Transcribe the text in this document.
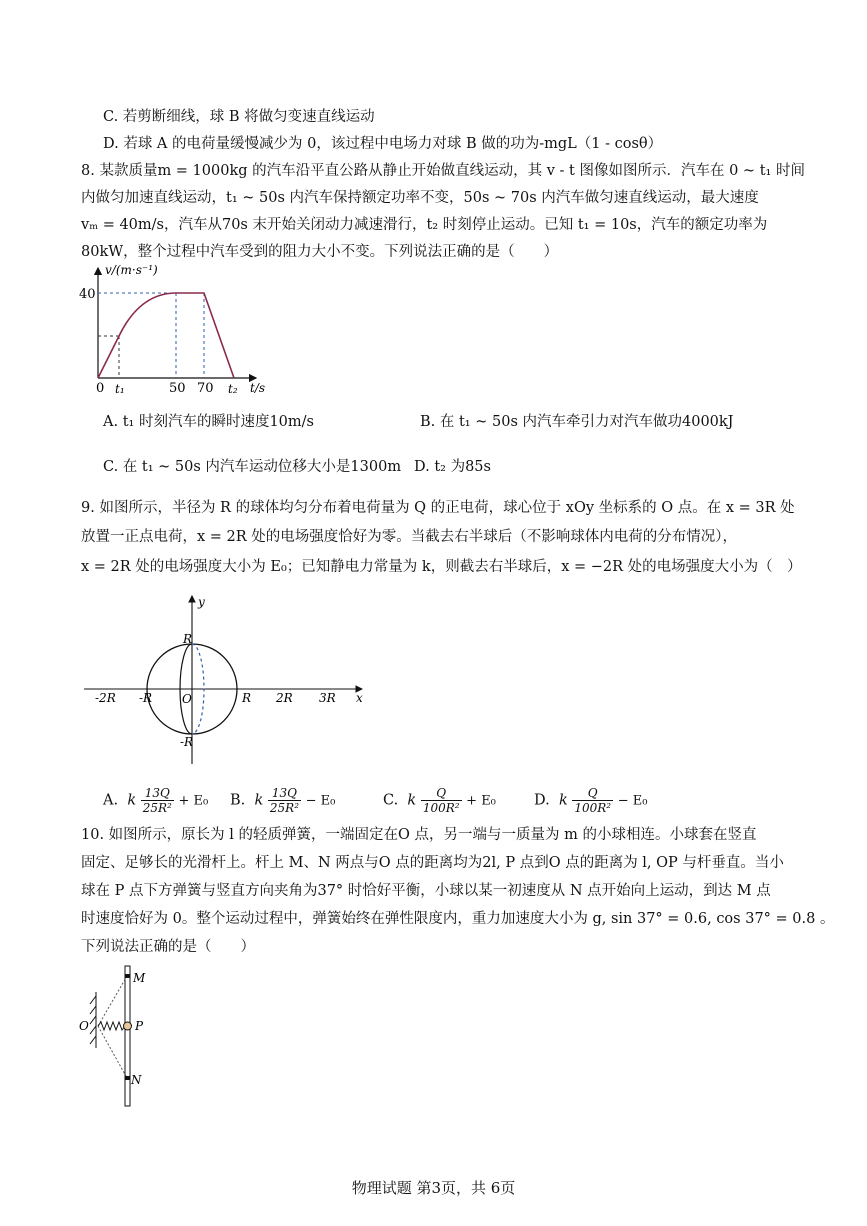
C. 若剪断细线，球 B 将做匀变速直线运动
D. 若球 A 的电荷量缓慢减少为 0，该过程中电场力对球 B 做的功为-mgL（1 - cosθ）
8. 某款质量m = 1000kg 的汽车沿平直公路从静止开始做直线运动，其 v - t 图像如图所示．汽车在 0 ~ t₁ 时间
内做匀加速直线运动，t₁ ~ 50s 内汽车保持额定功率不变，50s ~ 70s 内汽车做匀速直线运动，最大速度
vₘ = 40m/s，汽车从70s 末开始关闭动力减速滑行，t₂ 时刻停止运动。已知 t₁ = 10s，汽车的额定功率为
80kW，整个过程中汽车受到的阻力大小不变。下列说法正确的是（　　）
v/(m·s⁻¹)
40
0 t₁	50 70 t₂ t/s
A. t₁ 时刻汽车的瞬时速度10m/s	B. 在 t₁ ~ 50s 内汽车牵引力对汽车做功4000kJ
C. 在 t₁ ~ 50s 内汽车运动位移大小是1300m D. t₂ 为85s
9. 如图所示，半径为 R 的球体均匀分布着电荷量为 Q 的正电荷，球心位于 xOy 坐标系的 O 点。在 x = 3R 处
放置一正点电荷，x = 2R 处的电场强度恰好为零。当截去右半球后（不影响球体内电荷的分布情况），
x = 2R 处的电场强度大小为 E₀；已知静电力常量为 k，则截去右半球后，x = −2R 处的电场强度大小为（　）
y
x
O
R
-R
R
-R	2R 3R
-2R
A. k $\frac{13Q}{\text{25R²}} + E_0$ B. k $\frac{13Q}{\text{25R²}} - E_0$	C. k $\frac{Q}{\text{100R²}} + E_0$	D. k $\frac{Q}{\text{100R²}} - E_0$
10. 如图所示，原长为 l 的轻质弹簧，一端固定在O 点，另一端与一质量为 m 的小球相连。小球套在竖直
固定、足够长的光滑杆上。杆上 M、N 两点与O 点的距离均为2l, P 点到O 点的距离为 l, OP 与杆垂直。当小
球在 P 点下方弹簧与竖直方向夹角为37° 时恰好平衡，小球以某一初速度从 N 点开始向上运动，到达 M 点
时速度恰好为 0。整个运动过程中，弹簧始终在弹性限度内，重力加速度大小为 g, sin 37° = 0.6, cos 37° = 0.8 。
下列说法正确的是（　　）
M
P
N
O
物理试题 第3页，共 6页
